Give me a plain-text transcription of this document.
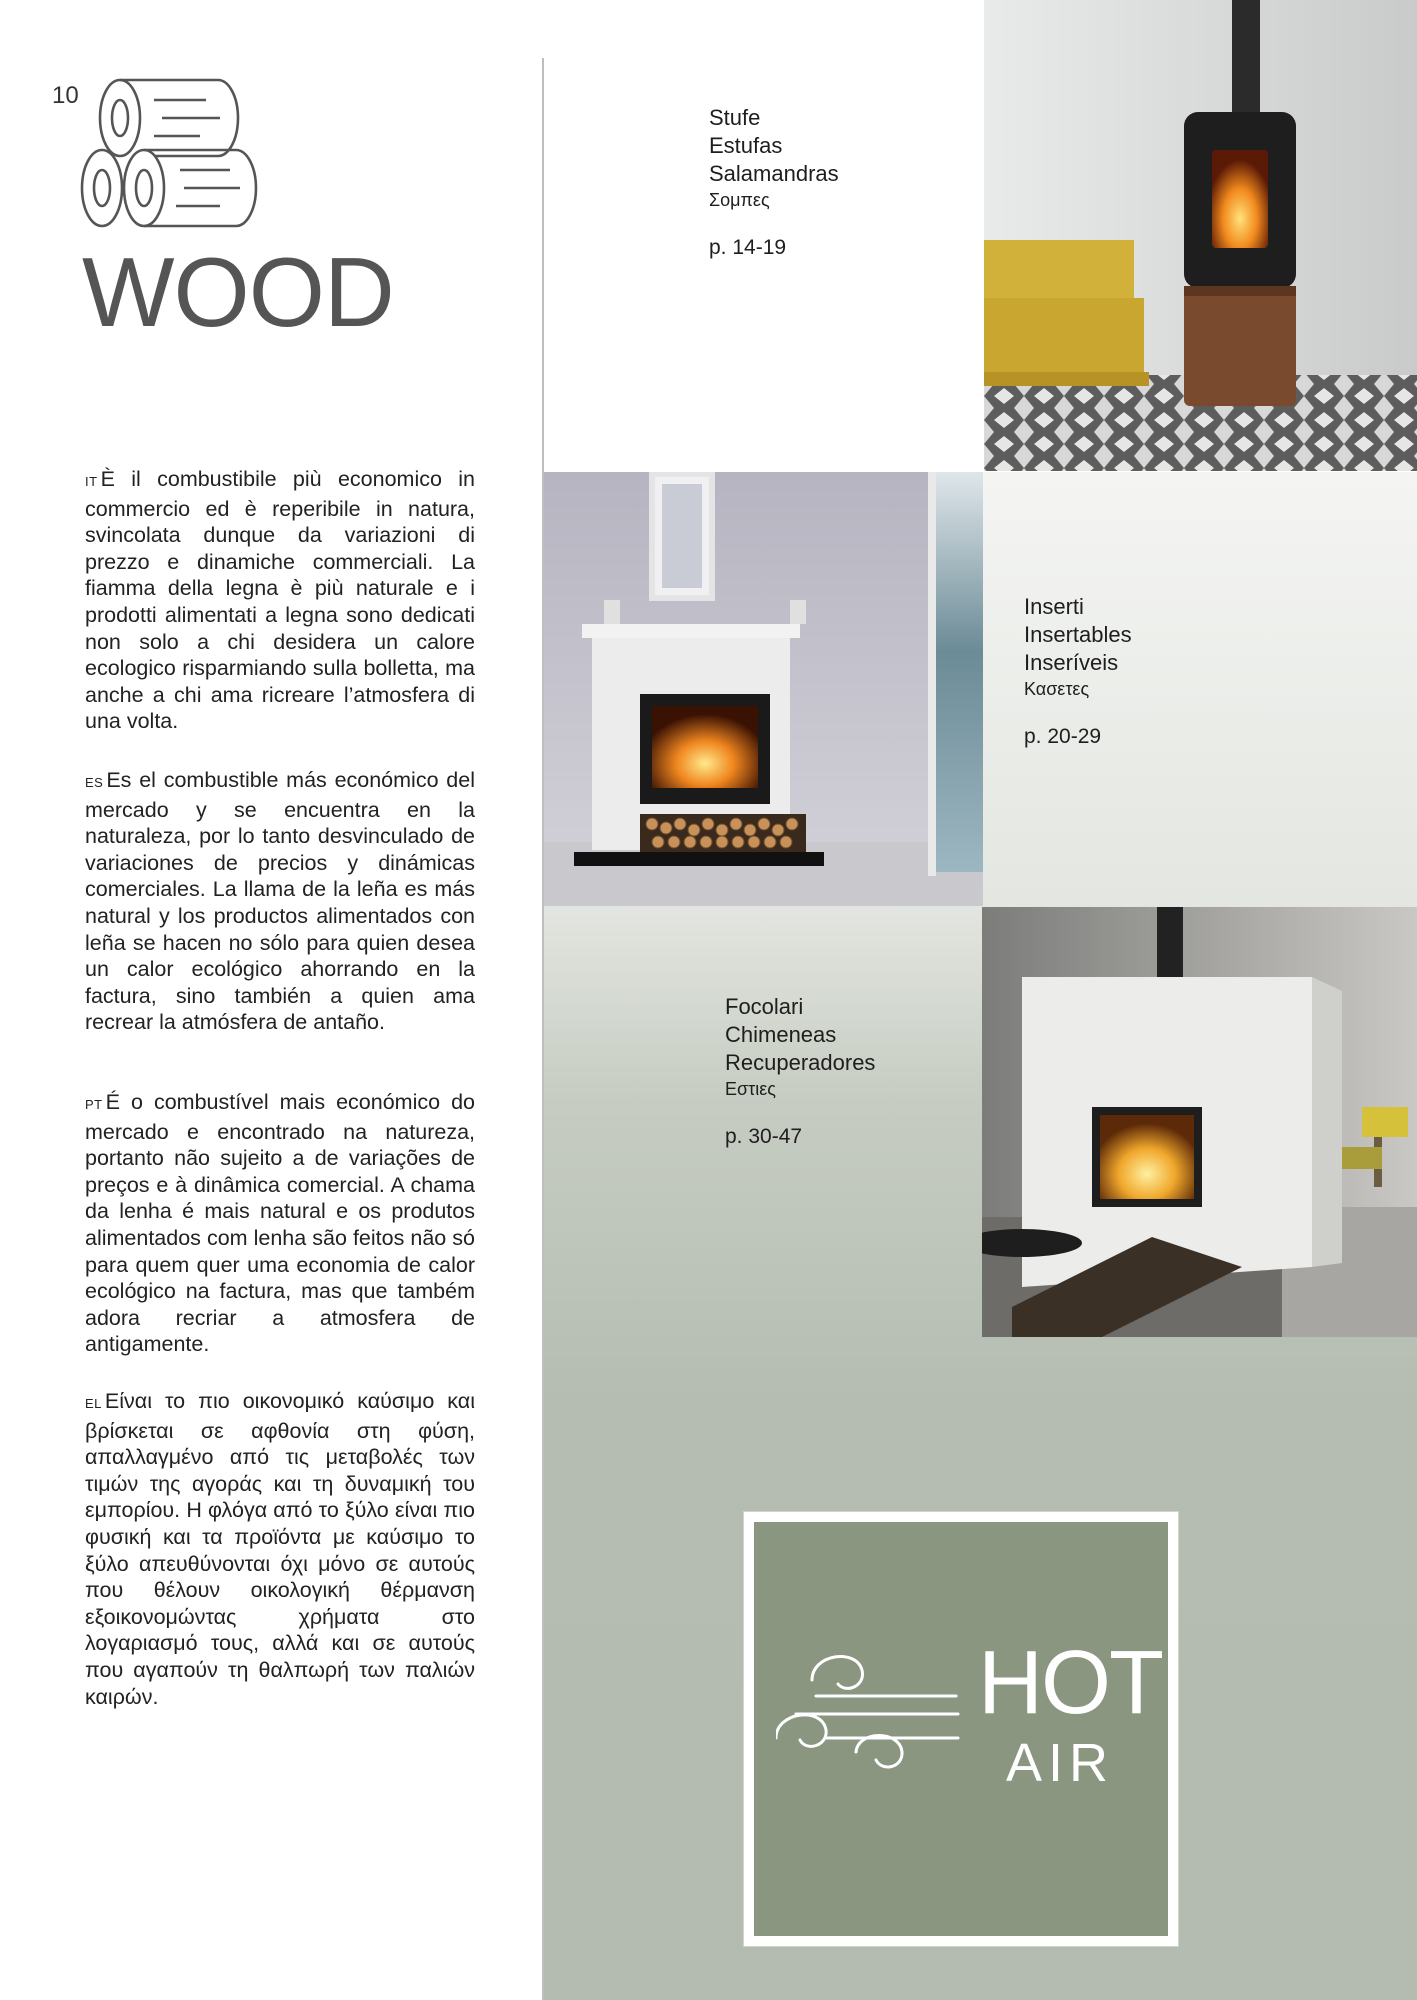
10
WOOD
IT È il combustibile più economico in commercio ed è reperibile in natura, svincolata dunque da variazioni di prezzo e dinamiche commerciali. La fiamma della legna è più naturale e i prodotti alimentati a legna sono dedicati non solo a chi desidera un calore ecologico risparmiando sulla bolletta, ma anche a chi ama ricreare l’atmosfera di una volta.
ES Es el combustible más económico del mercado y se encuentra en la naturaleza, por lo tanto desvinculado de variaciones de precios y dinámicas comerciales. La llama de la leña es más natural y los productos alimentados con leña se hacen no sólo para quien desea un calor ecológico ahorrando en la factura, sino también a quien ama recrear la atmósfera de antaño.
PT É o combustível mais económico do mercado e encontrado na natureza, portanto não sujeito a de variações de preços e à dinâmica comercial. A chama da lenha é mais natural e os produtos alimentados com lenha são feitos não só para quem quer uma economia de calor ecológico na factura, mas que também adora recriar a atmosfera de antigamente.
EL Είναι το πιο οικονομικό καύσιμο και βρίσκεται σε αφθονία στη φύση, απαλλαγμένο από τις μεταβολές των τιμών της αγοράς και τη δυναμική του εμπορίου. Η φλόγα από το ξύλο είναι πιο φυσική και τα προϊόντα με καύσιμο το ξύλο απευθύνονται όχι μόνο σε αυτούς που θέλουν οικολογική θέρμανση εξοικονομώντας χρήματα στο λογαριασμό τους, αλλά και σε αυτούς που αγαπούν τη θαλπωρή των παλιών καιρών.
Stufe
Estufas
Salamandras
Σομπες
p. 14-19
Inserti
Insertables
Inseríveis
Κασετες
p. 20-29
Focolari
Chimeneas
Recuperadores
Εστιες
p. 30-47
HOT
AIR
